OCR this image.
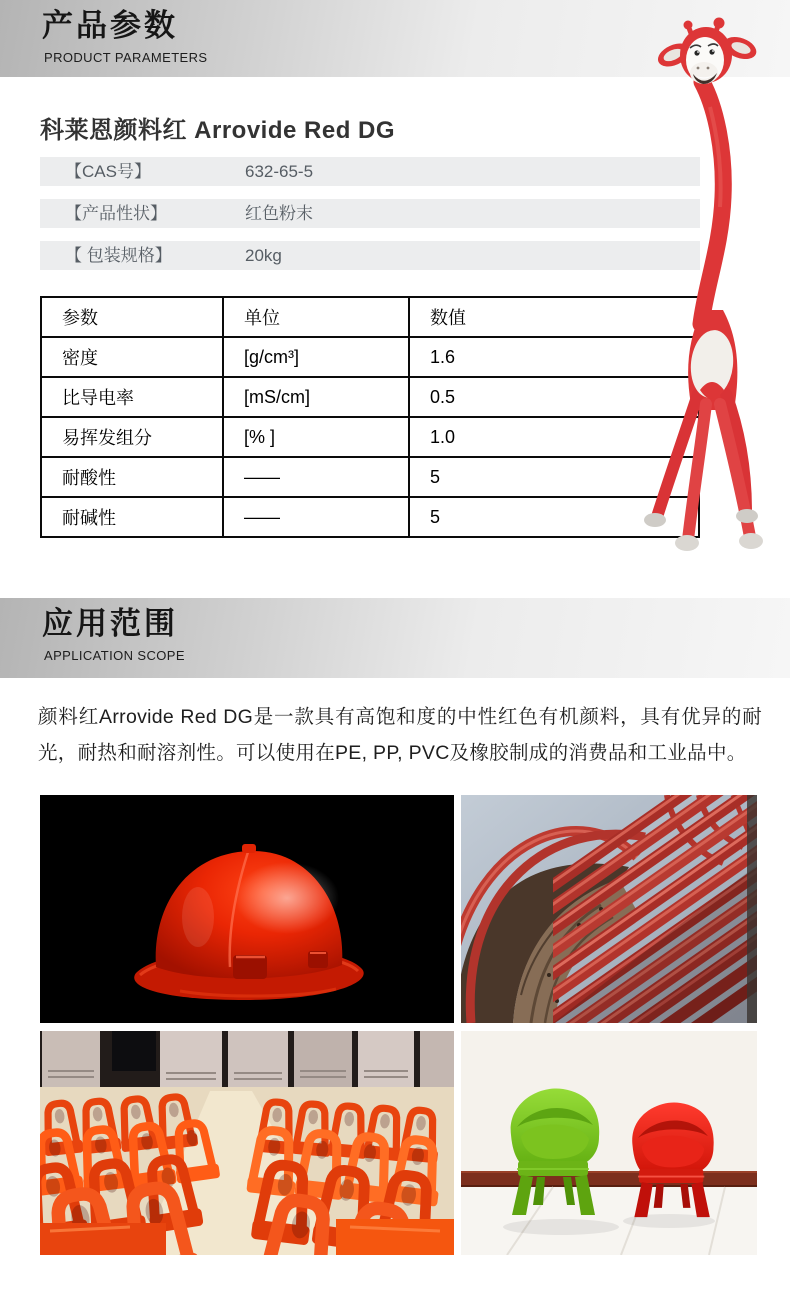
产品参数
PRODUCT PARAMETERS
科莱恩颜料红 Arrovide Red DG
【CAS号】	632-65-5
【产品性状】	红色粉末
【 包装规格】	20kg
参数	单位	数值
密度	[g/cm³]	1.6
比导电率	[mS/cm]	0.5
易挥发组分	[% ]	1.0
耐酸性	——	5
耐碱性	——	5
应用范围
APPLICATION SCOPE
颜料红Arrovide Red DG是一款具有高饱和度的中性红色有机颜料，具有优异的耐光，耐热和耐溶剂性。可以使用在PE, PP, PVC及橡胶制成的消费品和工业品中。
